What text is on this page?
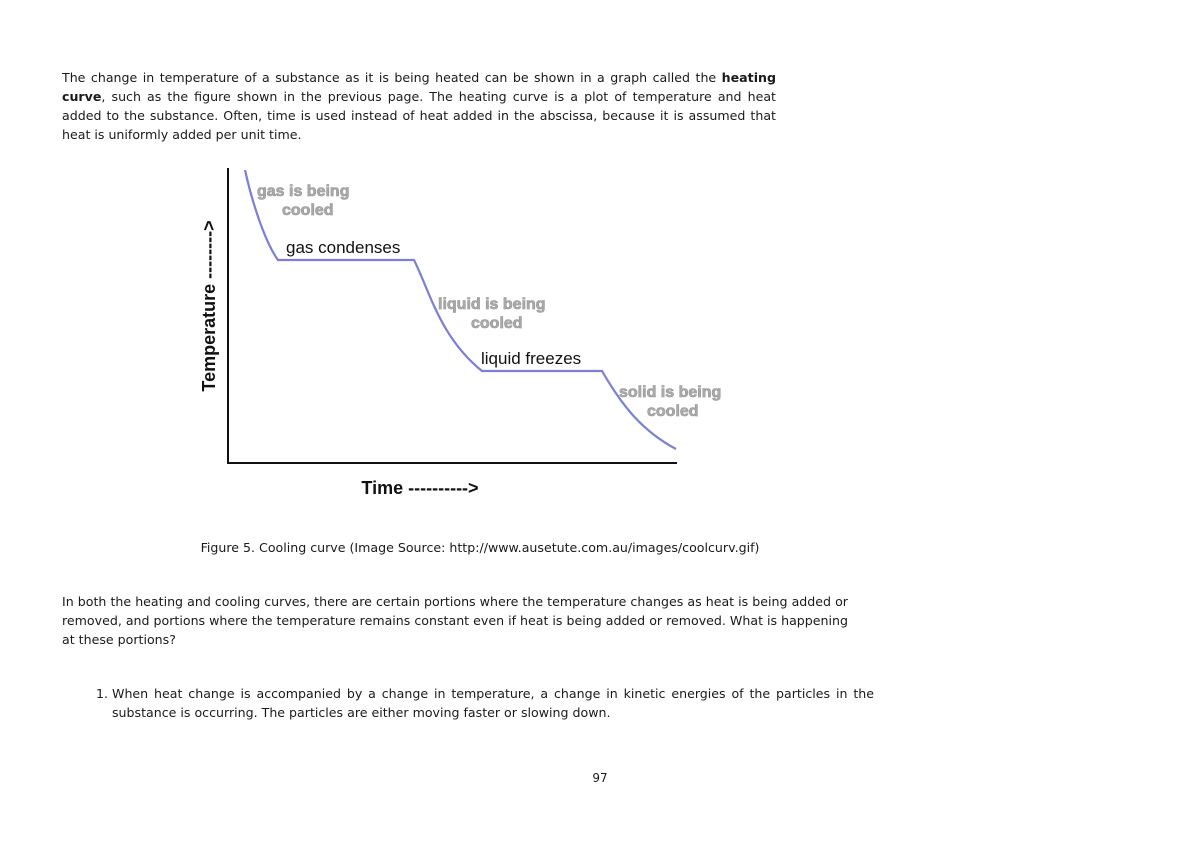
The change in temperature of a substance as it is being heated can be shown in a graph called the heating curve, such as the figure shown in the previous page. The heating curve is a plot of temperature and heat added to the substance. Often, time is used instead of heat added in the abscissa, because it is assumed that heat is uniformly added per unit time.

Temperature -------->
Time ---------->
gas is being
cooled
gas condenses
liquid is being
cooled
liquid freezes
solid is being
cooled

Figure 5. Cooling curve (Image Source: http://www.ausetute.com.au/images/coolcurv.gif)

In both the heating and cooling curves, there are certain portions where the temperature changes as heat is being added or removed, and portions where the temperature remains constant even if heat is being added or removed. What is happening at these portions?

1. When heat change is accompanied by a change in temperature, a change in kinetic energies of the particles in the substance is occurring. The particles are either moving faster or slowing down.

97
